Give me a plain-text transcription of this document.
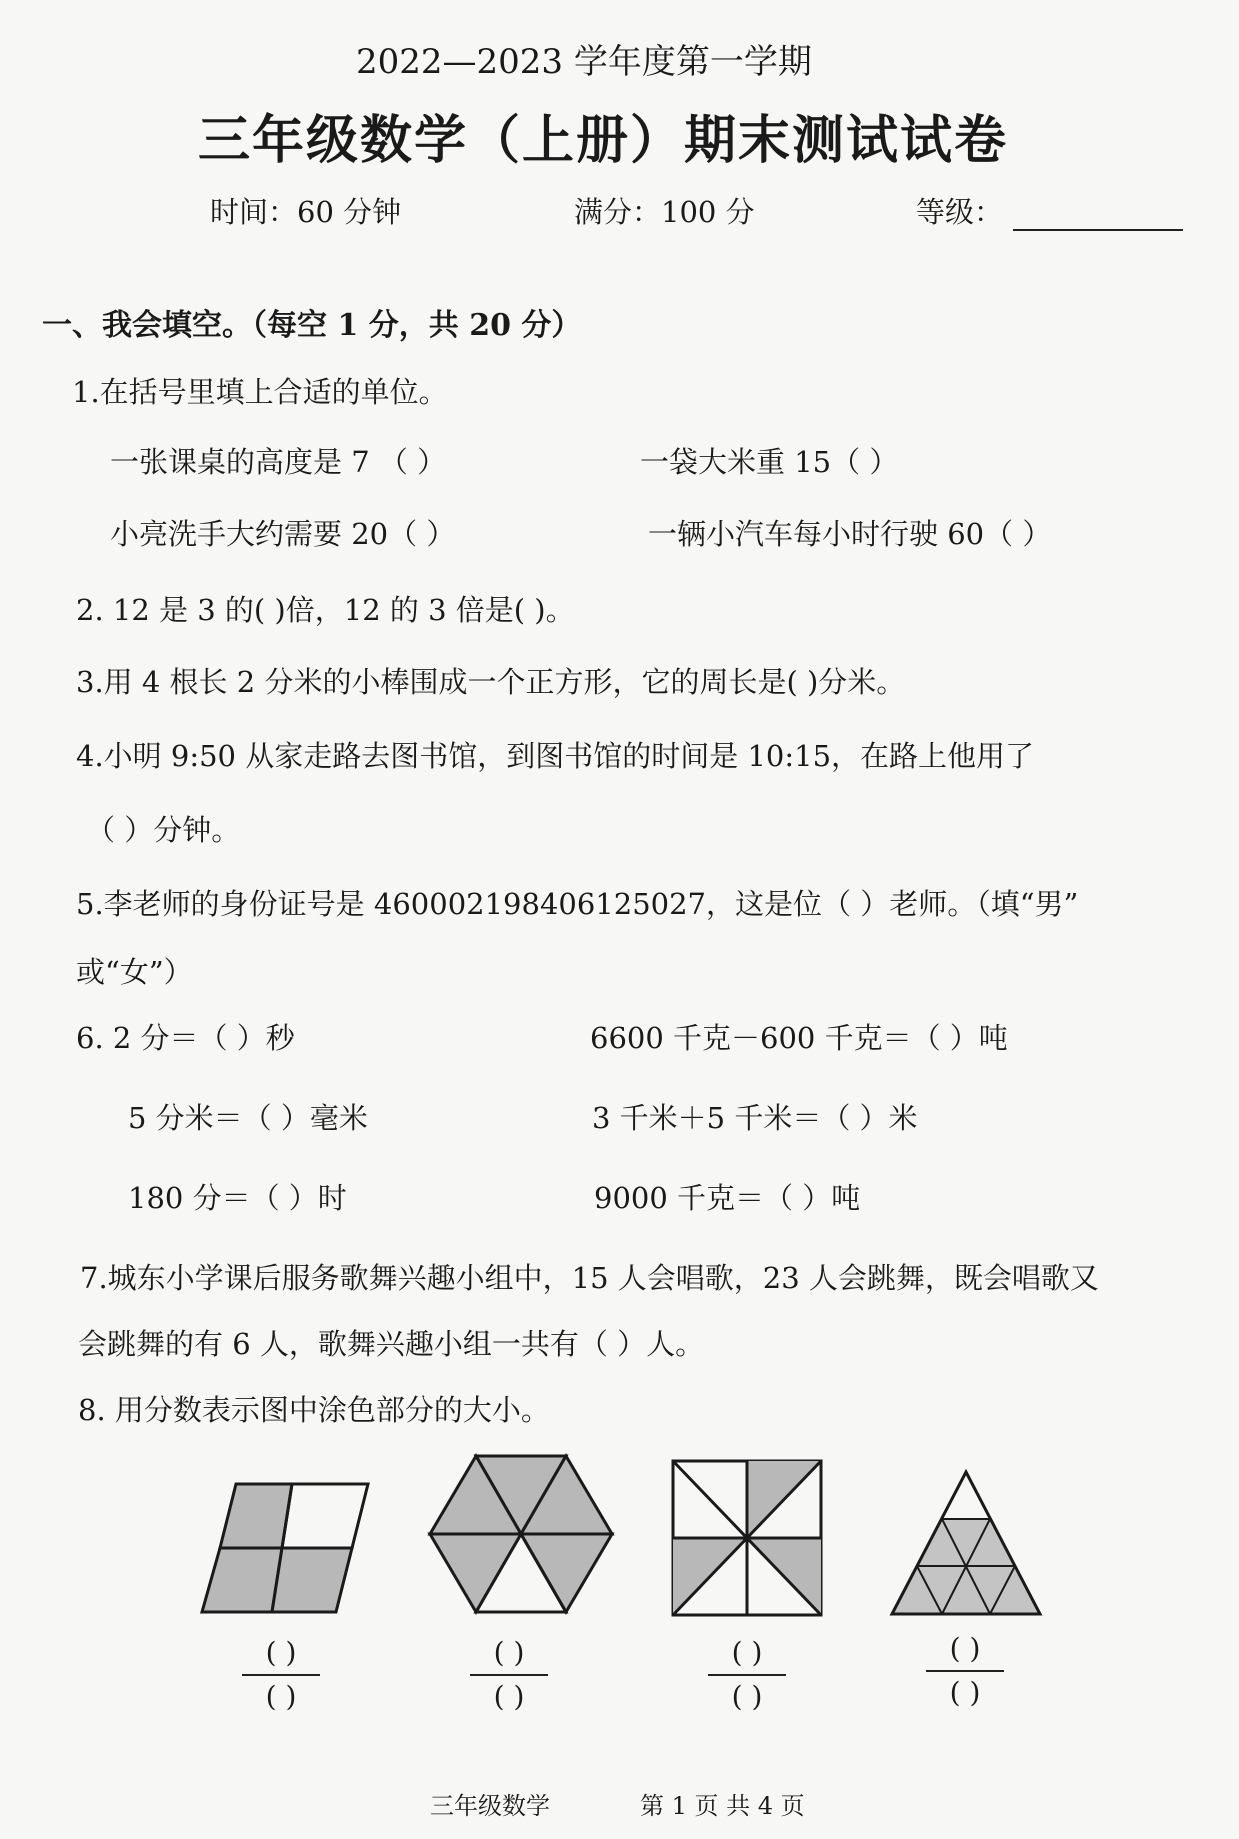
2022—2023 学年度第一学期
三年级数学（上册）期末测试试卷
时间：60 分钟	满分：100 分	等级：
一、我会填空。（每空 1 分，共 20 分）
1.在括号里填上合适的单位。
一张课桌的高度是 7 （ ）	一袋大米重 15（ ）
小亮洗手大约需要 20（ ）	一辆小汽车每小时行驶 60（ ）
2. 12 是 3 的( )倍，12 的 3 倍是( )。
3.用 4 根长 2 分米的小棒围成一个正方形，它的周长是( )分米。
4.小明 9:50 从家走路去图书馆，到图书馆的时间是 10:15，在路上他用了
（ ）分钟。
5.李老师的身份证号是 460002198406125027，这是位（ ）老师。（填“男”
或“女”）
6. 2 分＝（ ）秒	6600 千克－600 千克＝（ ）吨
5 分米＝（ ）毫米	3 千米＋5 千米＝（ ）米
180 分＝（ ）时	9000 千克＝（ ）吨
7.城东小学课后服务歌舞兴趣小组中，15 人会唱歌，23 人会跳舞，既会唱歌又
会跳舞的有 6 人，歌舞兴趣小组一共有（ ）人。
8. 用分数表示图中涂色部分的大小。
( )
( )
( )
( )
( )
( )
( )
( )
三年级数学	第 1 页 共 4 页
